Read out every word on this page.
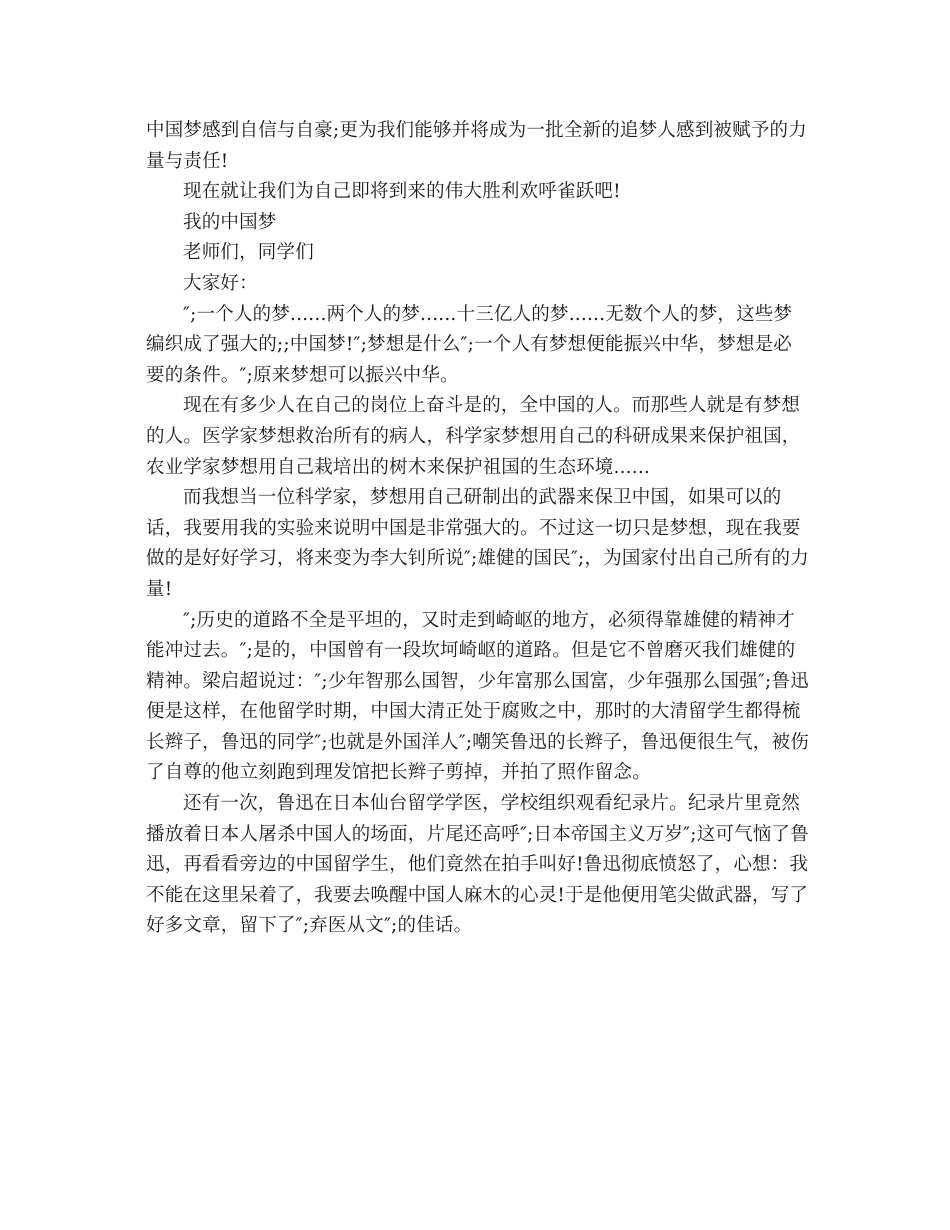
中国梦感到自信与自豪;更为我们能够并将成为一批全新的追梦人感到被赋予的力量与责任!

现在就让我们为自己即将到来的伟大胜利欢呼雀跃吧!

我的中国梦

老师们，同学们

大家好：

″;一个人的梦......两个人的梦......十三亿人的梦......无数个人的梦，这些梦编织成了强大的;;中国梦!″;梦想是什么″;一个人有梦想便能振兴中华，梦想是必要的条件。″;原来梦想可以振兴中华。

现在有多少人在自己的岗位上奋斗是的，全中国的人。而那些人就是有梦想的人。医学家梦想救治所有的病人，科学家梦想用自己的科研成果来保护祖国，农业学家梦想用自己栽培出的树木来保护祖国的生态环境......

而我想当一位科学家，梦想用自己研制出的武器来保卫中国，如果可以的话，我要用我的实验来说明中国是非常强大的。不过这一切只是梦想，现在我要做的是好好学习，将来变为李大钊所说″;雄健的国民″;，为国家付出自己所有的力量!

″;历史的道路不全是平坦的，又时走到崎岖的地方，必须得靠雄健的精神才能冲过去。″;是的，中国曾有一段坎坷崎岖的道路。但是它不曾磨灭我们雄健的精神。梁启超说过：″;少年智那么国智，少年富那么国富，少年强那么国强″;鲁迅便是这样，在他留学时期，中国大清正处于腐败之中，那时的大清留学生都得梳长辫子，鲁迅的同学″;也就是外国洋人″;嘲笑鲁迅的长辫子，鲁迅便很生气，被伤了自尊的他立刻跑到理发馆把长辫子剪掉，并拍了照作留念。

还有一次，鲁迅在日本仙台留学学医，学校组织观看纪录片。纪录片里竟然播放着日本人屠杀中国人的场面，片尾还高呼″;日本帝国主义万岁″;这可气恼了鲁迅，再看看旁边的中国留学生，他们竟然在拍手叫好!鲁迅彻底愤怒了，心想：我不能在这里呆着了，我要去唤醒中国人麻木的心灵!于是他便用笔尖做武器，写了好多文章，留下了″;弃医从文″;的佳话。
